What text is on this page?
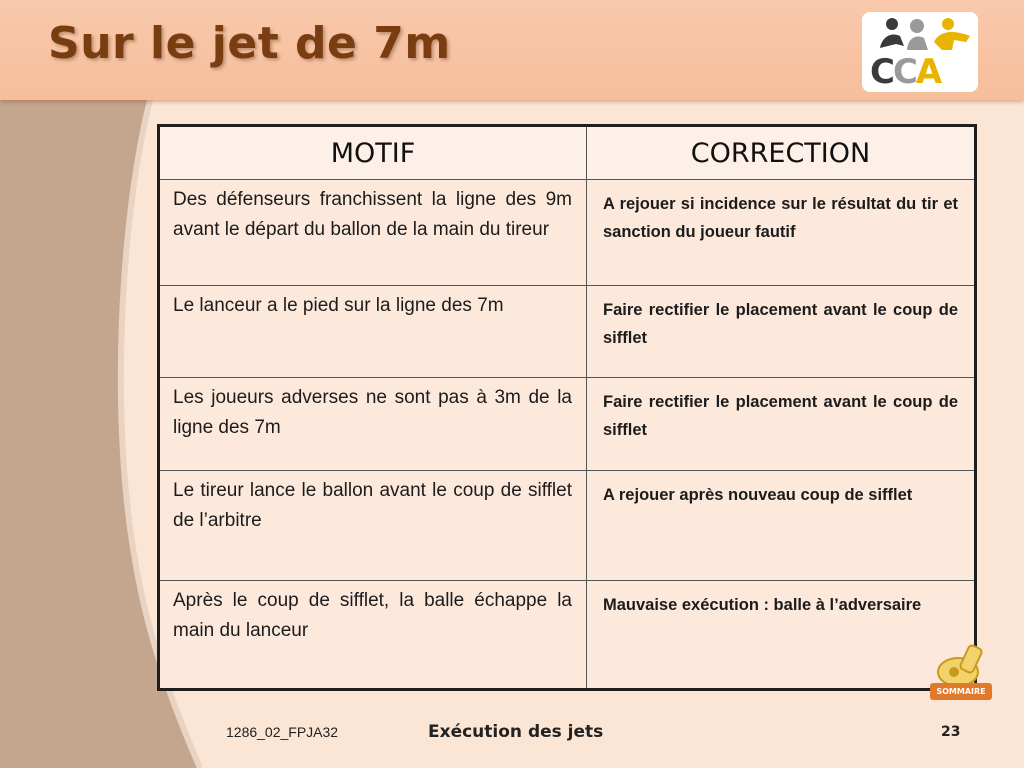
Sur le jet de 7m
CCA
MOTIF	CORRECTION
Des défenseurs franchissent la ligne des 9m avant le départ du ballon de la main du tireur	A rejouer si incidence sur le résultat du tir et sanction du joueur fautif
Le lanceur a le pied sur la ligne des 7m	Faire rectifier le placement avant le coup de sifflet
Les joueurs adverses ne sont pas à 3m de la ligne des 7m	Faire rectifier le placement avant le coup de sifflet
Le tireur lance le ballon avant le coup de sifflet de l’arbitre	A rejouer après nouveau coup de sifflet
Après le coup de sifflet, la balle échappe la main du lanceur	Mauvaise exécution : balle à l’adversaire
SOMMAIRE
1286_02_FPJA32	Exécution des jets	23
